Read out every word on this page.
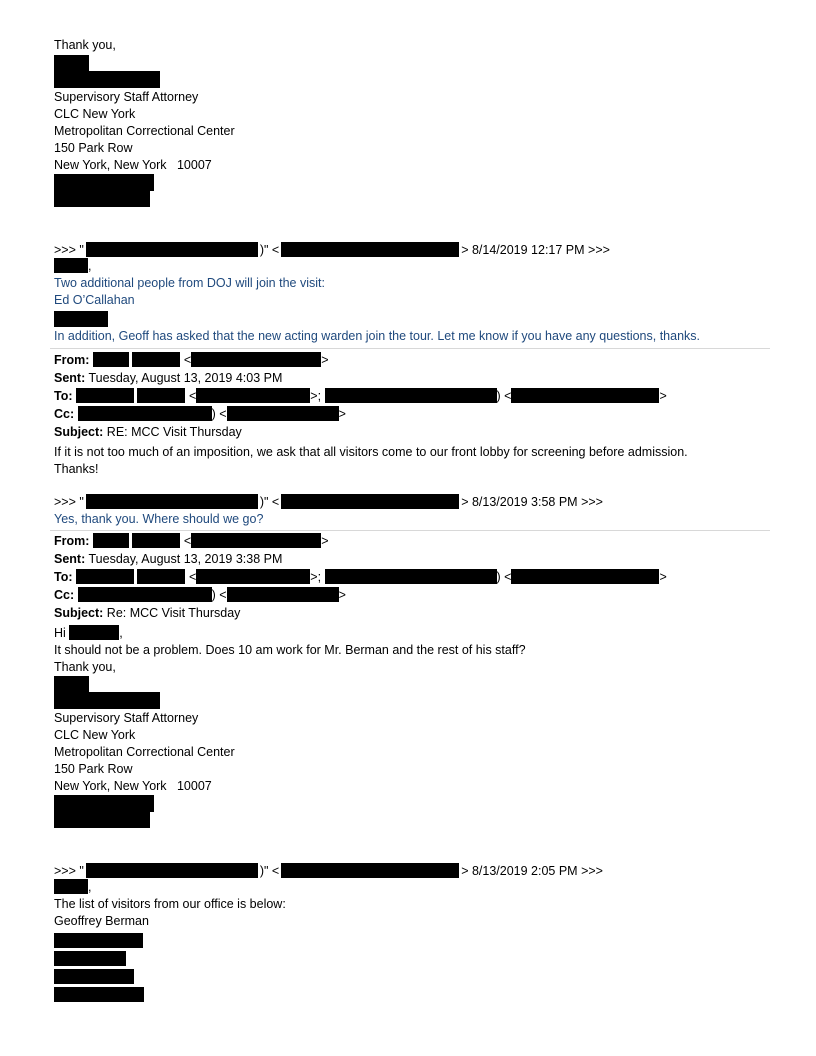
Thank you,
Supervisory Staff Attorney
CLC New York
Metropolitan Correctional Center
150 Park Row
New York, New York   10007
>>> "	)" <	> 8/14/2019 12:17 PM >>>
,
Two additional people from DOJ will join the visit:
Ed O’Callahan
In addition, Geoff has asked that the new acting warden join the tour. Let me know if you have any questions, thanks.
From:	<	>
Sent: Tuesday, August 13, 2019 4:03 PM
To:	<	>;	) <	>
Cc:	) <	>
Subject: RE: MCC Visit Thursday
If it is not too much of an imposition, we ask that all visitors come to our front lobby for screening before admission.
Thanks!
>>> "	)" <	> 8/13/2019 3:58 PM >>>
Yes, thank you. Where should we go?
From:	<	>
Sent: Tuesday, August 13, 2019 3:38 PM
To:	<	>;	) <	>
Cc:	) <	>
Subject: Re: MCC Visit Thursday
Hi	,
It should not be a problem. Does 10 am work for Mr. Berman and the rest of his staff?
Thank you,
Supervisory Staff Attorney
CLC New York
Metropolitan Correctional Center
150 Park Row
New York, New York   10007
>>> "	)" <	> 8/13/2019 2:05 PM >>>
,
The list of visitors from our office is below:
Geoffrey Berman
